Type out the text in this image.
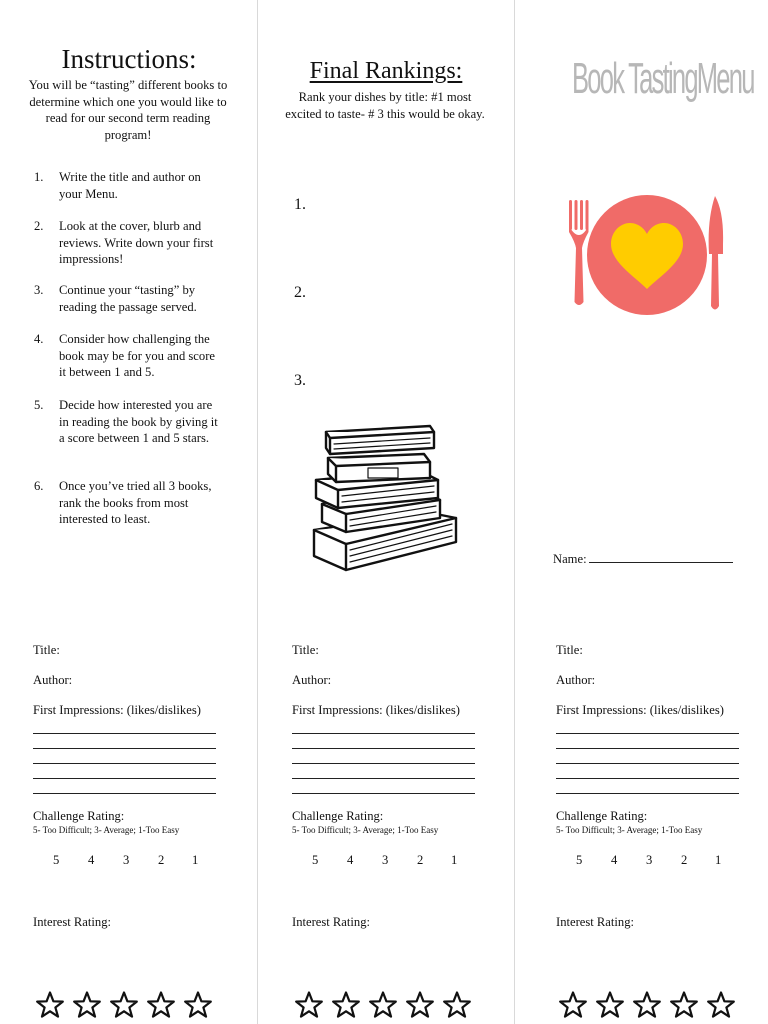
Instructions:
You will be “tasting” different books to determine which one you would like to read for our second term reading program!
1. Write the title and author on your Menu.
2. Look at the cover, blurb and reviews. Write down your first impressions!
3. Continue your “tasting” by reading the passage served.
4. Consider how challenging the book may be for you and score it between 1 and 5.
5. Decide how interested you are in reading the book by giving it a score between 1 and 5 stars.
6. Once you’ve tried all 3 books, rank the books from most interested to least.
Final Rankings:
Rank your dishes by title: #1 most excited to taste- # 3 this would be okay.
1.
2.
3.
Book TastingMenu
Name:
Title:
Author:
First Impressions: (likes/dislikes)
Challenge Rating:
5- Too Difficult; 3- Average; 1-Too Easy
5 4 3 2 1
Interest Rating:
Title:
Author:
First Impressions: (likes/dislikes)
Challenge Rating:
5- Too Difficult; 3- Average; 1-Too Easy
5 4 3 2 1
Interest Rating:
Title:
Author:
First Impressions: (likes/dislikes)
Challenge Rating:
5- Too Difficult; 3- Average; 1-Too Easy
5 4 3 2 1
Interest Rating:
